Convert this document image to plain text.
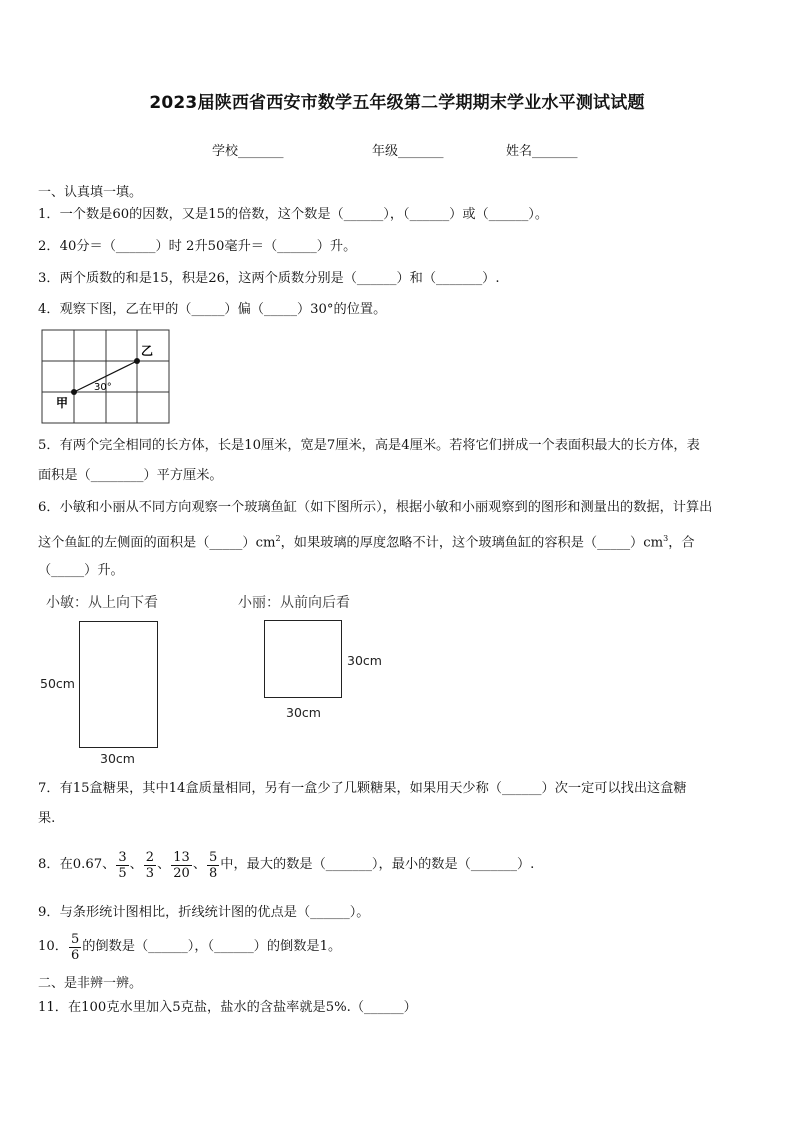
2023届陕西省西安市数学五年级第二学期期末学业水平测试试题
学校_______	年级_______	姓名_______
一、认真填一填。
1．一个数是60的因数，又是15的倍数，这个数是（______），（______）或（______）。
2．40分＝（______）时 2升50毫升＝（______）升。
3．两个质数的和是15，积是26，这两个质数分别是（______）和（_______）.
4．观察下图，乙在甲的（_____）偏（_____）30°的位置。
甲
乙
30°
5．有两个完全相同的长方体，长是10厘米，宽是7厘米，高是4厘米。若将它们拼成一个表面积最大的长方体，表
面积是（________）平方厘米。
6．小敏和小丽从不同方向观察一个玻璃鱼缸（如下图所示），根据小敏和小丽观察到的图形和测量出的数据，计算出
这个鱼缸的左侧面的面积是$(\_\_\_\_\_)cm^2$，如果玻璃的厚度忽略不计，这个玻璃鱼缸的容积是$(\_\_\_\_\_)cm^3$，合
（_____）升。
小敏：从上向下看	小丽：从前向后看
50cm
30cm
30cm
30cm
7．有15盒糖果，其中14盒质量相同，另有一盒少了几颗糖果，如果用天少称（______）次一定可以找出这盒糖
果.
8．在0.67、 $\frac{3}{5}$ 、 $\frac{2}{3}$ 、 $\frac{13}{20}$ 、 $\frac{5}{8}$ 中，最大的数是（_______），最小的数是（_______）.
9．与条形统计图相比，折线统计图的优点是（______）。
10． $\frac{5}{6}$ 的倒数是（______），（______）的倒数是1。
二、是非辨一辨。
11．在100克水里加入5克盐，盐水的含盐率就是5%.（______）
